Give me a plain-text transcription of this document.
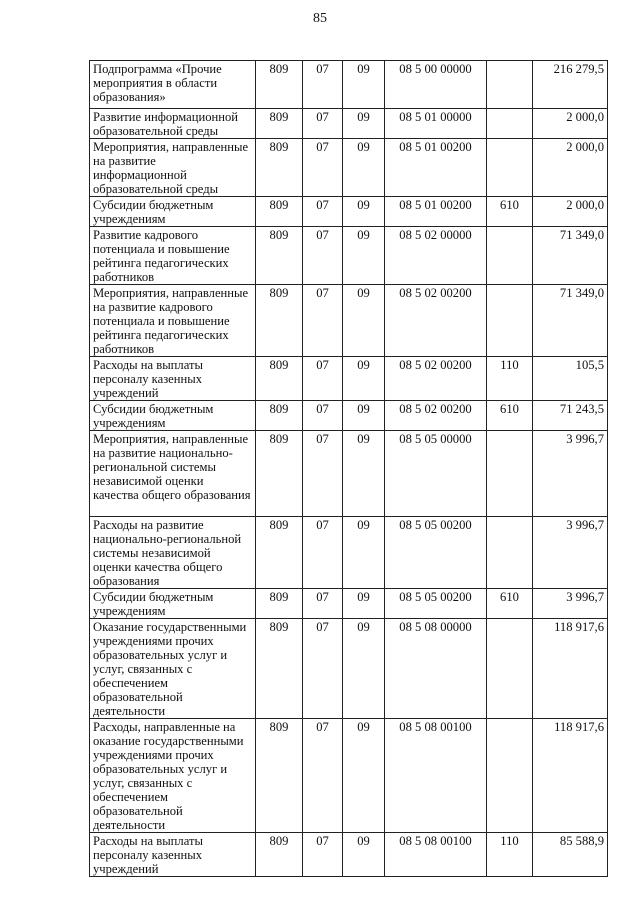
85
Подпрограмма «Прочие мероприятия в области образования»	809	07	09	08 5 00 00000		216 279,5
Развитие информационной образовательной среды	809	07	09	08 5 01 00000		2 000,0
Мероприятия, направленные на развитие информационной образовательной среды	809	07	09	08 5 01 00200		2 000,0
Субсидии бюджетным учреждениям	809	07	09	08 5 01 00200	610	2 000,0
Развитие кадрового потенциала и повышение рейтинга педагогических работников	809	07	09	08 5 02 00000		71 349,0
Мероприятия, направленные на развитие кадрового потенциала и повышение рейтинга педагогических работников	809	07	09	08 5 02 00200		71 349,0
Расходы на выплаты персоналу казенных учреждений	809	07	09	08 5 02 00200	110	105,5
Субсидии бюджетным учреждениям	809	07	09	08 5 02 00200	610	71 243,5
Мероприятия, направленные на развитие национально-региональной системы независимой оценки качества общего образования	809	07	09	08 5 05 00000		3 996,7
Расходы на развитие национально-региональной системы независимой оценки качества общего образования	809	07	09	08 5 05 00200		3 996,7
Субсидии бюджетным учреждениям	809	07	09	08 5 05 00200	610	3 996,7
Оказание государственными учреждениями прочих образовательных услуг и услуг, связанных с обеспечением образовательной деятельности	809	07	09	08 5 08 00000		118 917,6
Расходы, направленные на оказание государственными учреждениями прочих образовательных услуг и услуг, связанных с обеспечением образовательной деятельности	809	07	09	08 5 08 00100		118 917,6
Расходы на выплаты персоналу казенных учреждений	809	07	09	08 5 08 00100	110	85 588,9
